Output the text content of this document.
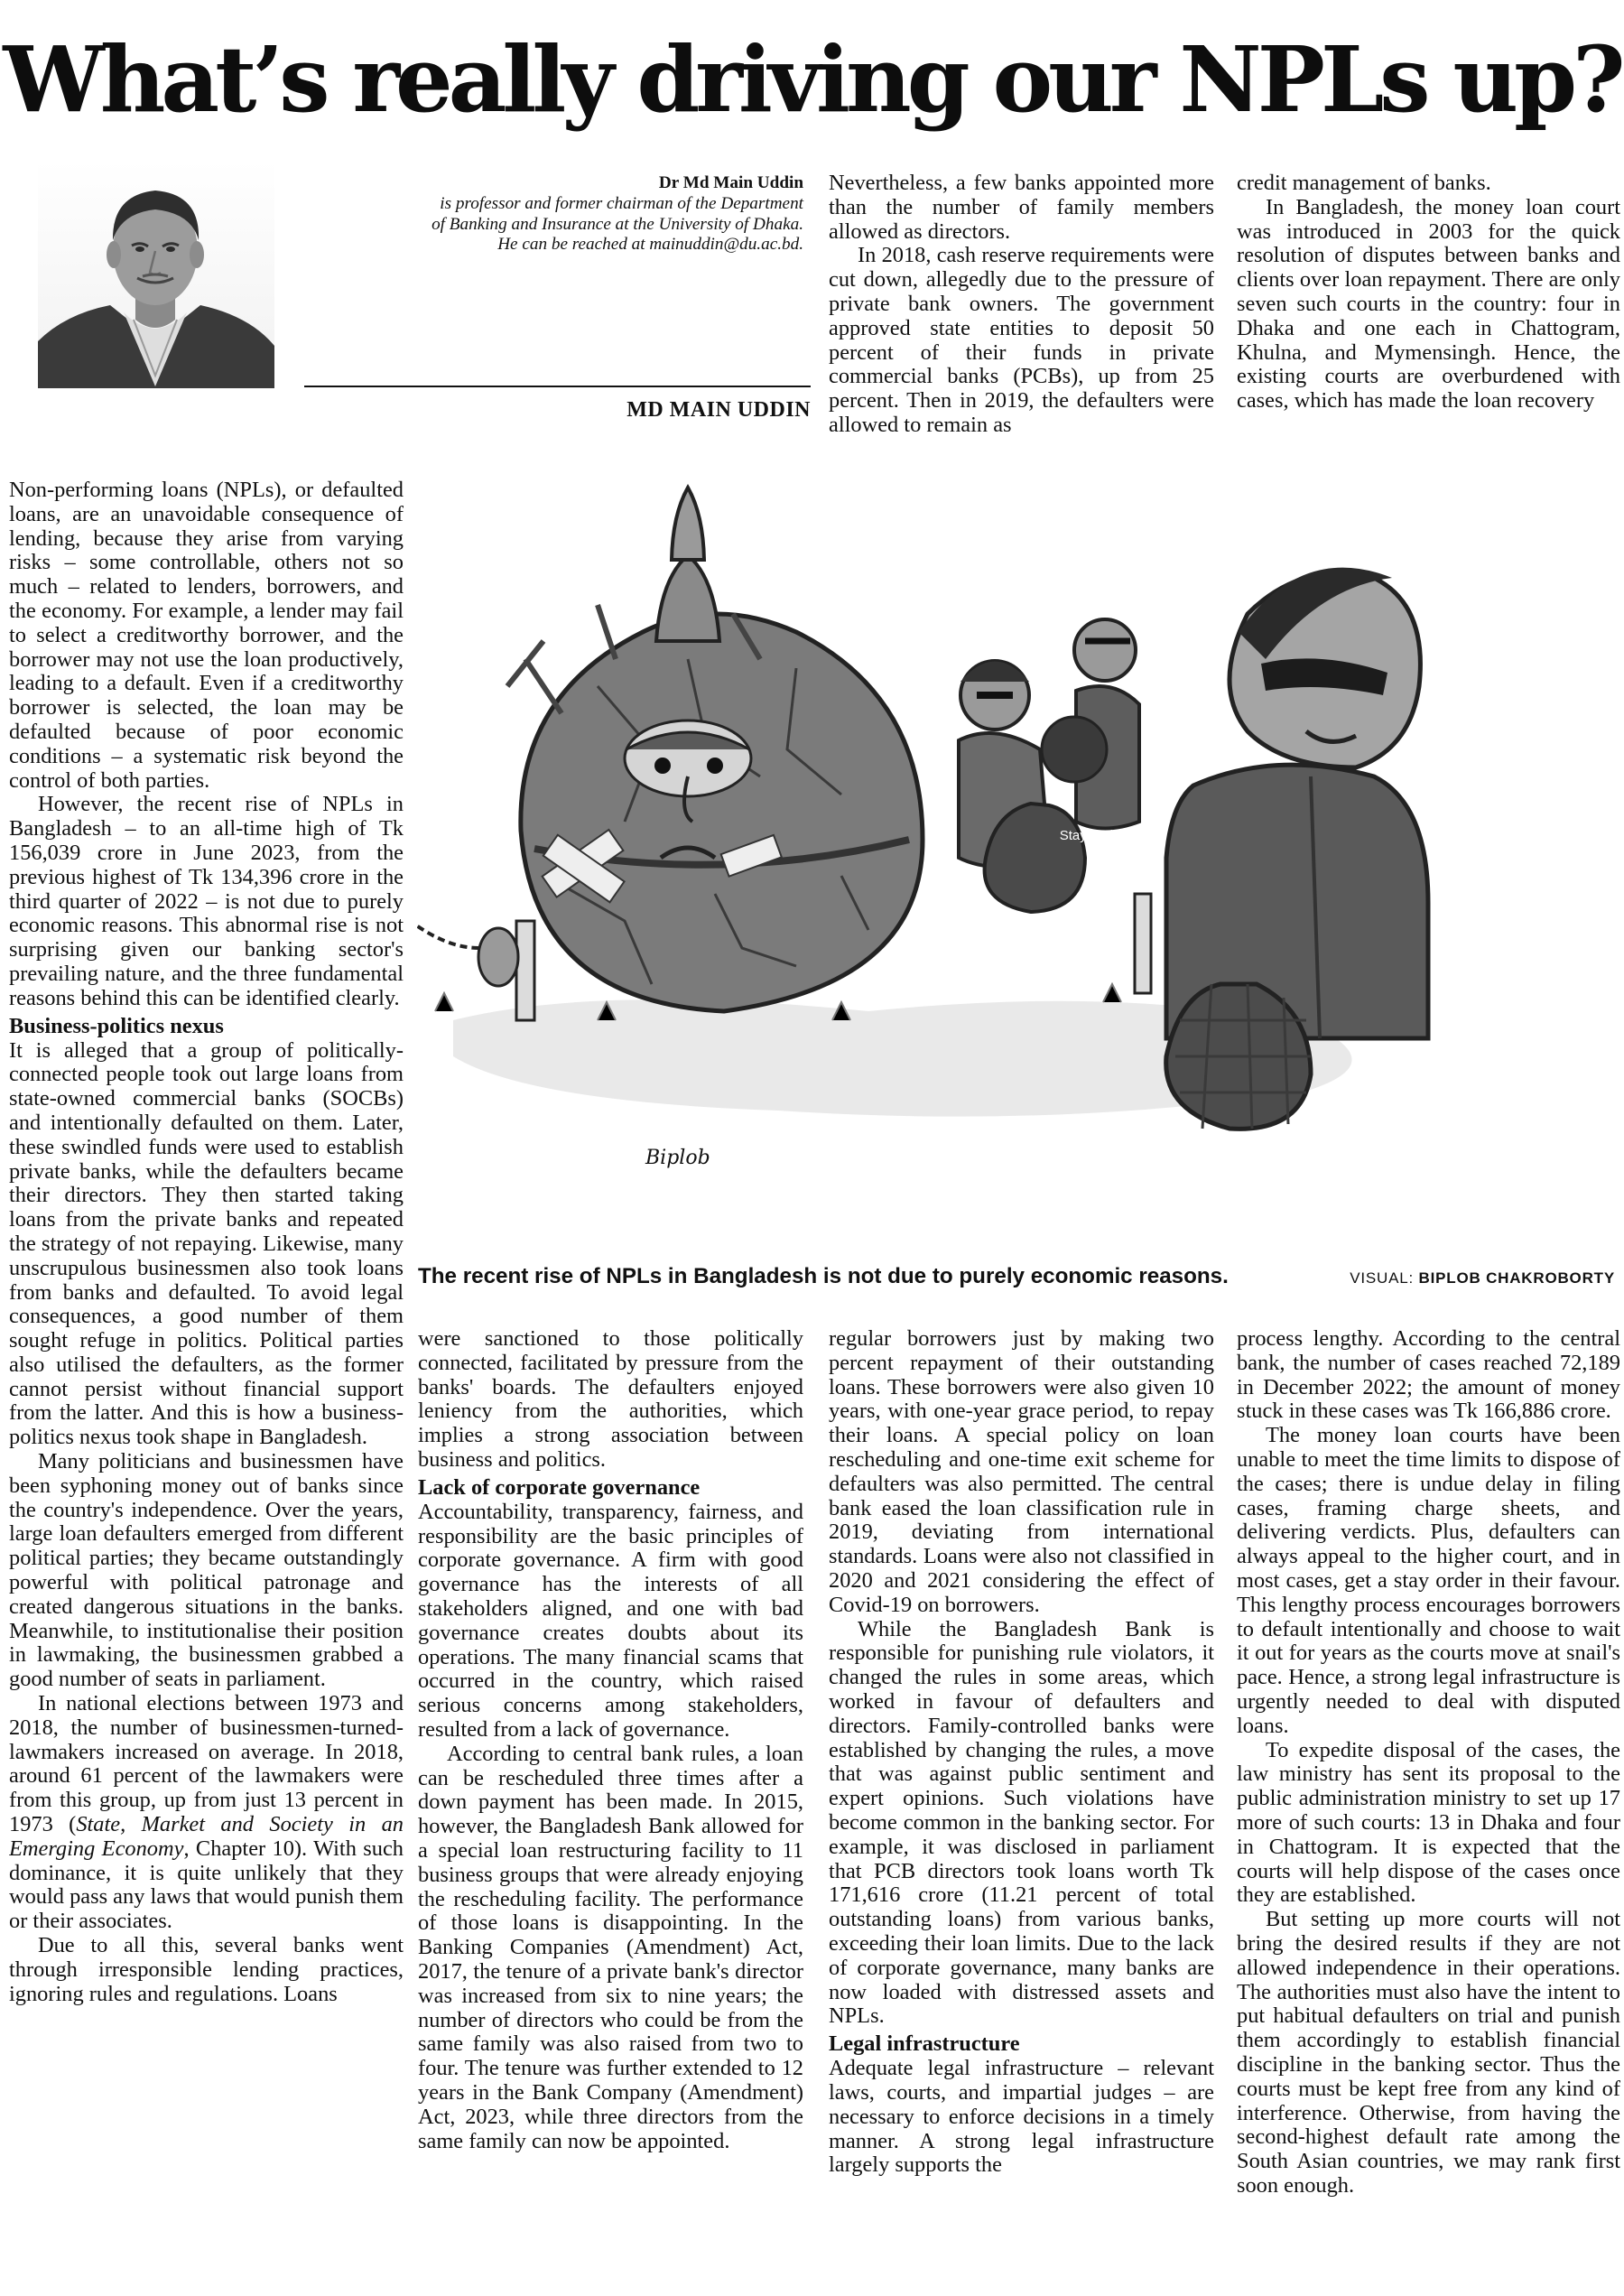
What’s really driving our NPLs up?
Dr Md Main Uddin
is professor and former chairman of the Department of Banking and Insurance at the University of Dhaka. He can be reached at mainuddin@du.ac.bd.
MD MAIN UDDIN

Non-performing loans (NPLs), or defaulted loans, are an unavoidable consequence of lending, because they arise from varying risks – some controllable, others not so much – related to lenders, borrowers, and the economy. For example, a lender may fail to select a creditworthy borrower, and the borrower may not use the loan productively, leading to a default. Even if a creditworthy borrower is selected, the loan may be defaulted because of poor economic conditions – a systematic risk beyond the control of both parties.

However, the recent rise of NPLs in Bangladesh – to an all-time high of Tk 156,039 crore in June 2023, from the previous highest of Tk 134,396 crore in the third quarter of 2022 – is not due to purely economic reasons. This abnormal rise is not surprising given our banking sector's prevailing nature, and the three fundamental reasons behind this can be identified clearly.

Business-politics nexus

It is alleged that a group of politically-connected people took out large loans from state-owned commercial banks (SOCBs) and intentionally defaulted on them. Later, these swindled funds were used to establish private banks, while the defaulters became their directors. They then started taking loans from the private banks and repeated the strategy of not repaying. Likewise, many unscrupulous businessmen also took loans from banks and defaulted. To avoid legal consequences, a good number of them sought refuge in politics. Political parties also utilised the defaulters, as the former cannot persist without financial support from the latter. And this is how a business-politics nexus took shape in Bangladesh.

Many politicians and businessmen have been syphoning money out of banks since the country's independence. Over the years, large loan defaulters emerged from different political parties; they became outstandingly powerful with political patronage and created dangerous situations in the banks. Meanwhile, to institutionalise their position in lawmaking, the businessmen grabbed a good number of seats in parliament.

In national elections between 1973 and 2018, the number of businessmen-turned-lawmakers increased on average. In 2018, around 61 percent of the lawmakers were from this group, up from just 13 percent in 1973 (State, Market and Society in an Emerging Economy, Chapter 10). With such dominance, it is quite unlikely that they would pass any laws that would punish them or their associates.

Due to all this, several banks went through irresponsible lending practices, ignoring rules and regulations. Loans

Nevertheless, a few banks appointed more than the number of family members allowed as directors.

In 2018, cash reserve requirements were cut down, allegedly due to the pressure of private bank owners. The government approved state entities to deposit 50 percent of their funds in private commercial banks (PCBs), up from 25 percent. Then in 2019, the defaulters were allowed to remain as

credit management of banks.

In Bangladesh, the money loan court was introduced in 2003 for the quick resolution of disputes between banks and clients over loan repayment. There are only seven such courts in the country: four in Dhaka and one each in Chattogram, Khulna, and Mymensingh. Hence, the existing courts are overburdened with cases, which has made the loan recovery

Stay Order
Loan Reschueduled
Loan Defaulter
Biplob
The recent rise of NPLs in Bangladesh is not due to purely economic reasons.	VISUAL: BIPLOB CHAKROBORTY

were sanctioned to those politically connected, facilitated by pressure from the banks' boards. The defaulters enjoyed leniency from the authorities, which implies a strong association between business and politics.

Lack of corporate governance

Accountability, transparency, fairness, and responsibility are the basic principles of corporate governance. A firm with good governance has the interests of all stakeholders aligned, and one with bad governance creates doubts about its operations. The many financial scams that occurred in the country, which raised serious concerns among stakeholders, resulted from a lack of governance.

According to central bank rules, a loan can be rescheduled three times after a down payment has been made. In 2015, however, the Bangladesh Bank allowed for a special loan restructuring facility to 11 business groups that were already enjoying the rescheduling facility. The performance of those loans is disappointing. In the Banking Companies (Amendment) Act, 2017, the tenure of a private bank's director was increased from six to nine years; the number of directors who could be from the same family was also raised from two to four. The tenure was further extended to 12 years in the Bank Company (Amendment) Act, 2023, while three directors from the same family can now be appointed.

regular borrowers just by making two percent repayment of their outstanding loans. These borrowers were also given 10 years, with one-year grace period, to repay their loans. A special policy on loan rescheduling and one-time exit scheme for defaulters was also permitted. The central bank eased the loan classification rule in 2019, deviating from international standards. Loans were also not classified in 2020 and 2021 considering the effect of Covid-19 on borrowers.

While the Bangladesh Bank is responsible for punishing rule violators, it changed the rules in some areas, which worked in favour of defaulters and directors. Family-controlled banks were established by changing the rules, a move that was against public sentiment and expert opinions. Such violations have become common in the banking sector. For example, it was disclosed in parliament that PCB directors took loans worth Tk 171,616 crore (11.21 percent of total outstanding loans) from various banks, exceeding their loan limits. Due to the lack of corporate governance, many banks are now loaded with distressed assets and NPLs.

Legal infrastructure

Adequate legal infrastructure – relevant laws, courts, and impartial judges – are necessary to enforce decisions in a timely manner. A strong legal infrastructure largely supports the

process lengthy. According to the central bank, the number of cases reached 72,189 in December 2022; the amount of money stuck in these cases was Tk 166,886 crore.

The money loan courts have been unable to meet the time limits to dispose of the cases; there is undue delay in filing cases, framing charge sheets, and delivering verdicts. Plus, defaulters can always appeal to the higher court, and in most cases, get a stay order in their favour. This lengthy process encourages borrowers to default intentionally and choose to wait it out for years as the courts move at snail's pace. Hence, a strong legal infrastructure is urgently needed to deal with disputed loans.

To expedite disposal of the cases, the law ministry has sent its proposal to the public administration ministry to set up 17 more of such courts: 13 in Dhaka and four in Chattogram. It is expected that the courts will help dispose of the cases once they are established.

But setting up more courts will not bring the desired results if they are not allowed independence in their operations. The authorities must also have the intent to put habitual defaulters on trial and punish them accordingly to establish financial discipline in the banking sector. Thus the courts must be kept free from any kind of interference. Otherwise, from having the second-highest default rate among the South Asian countries, we may rank first soon enough.
